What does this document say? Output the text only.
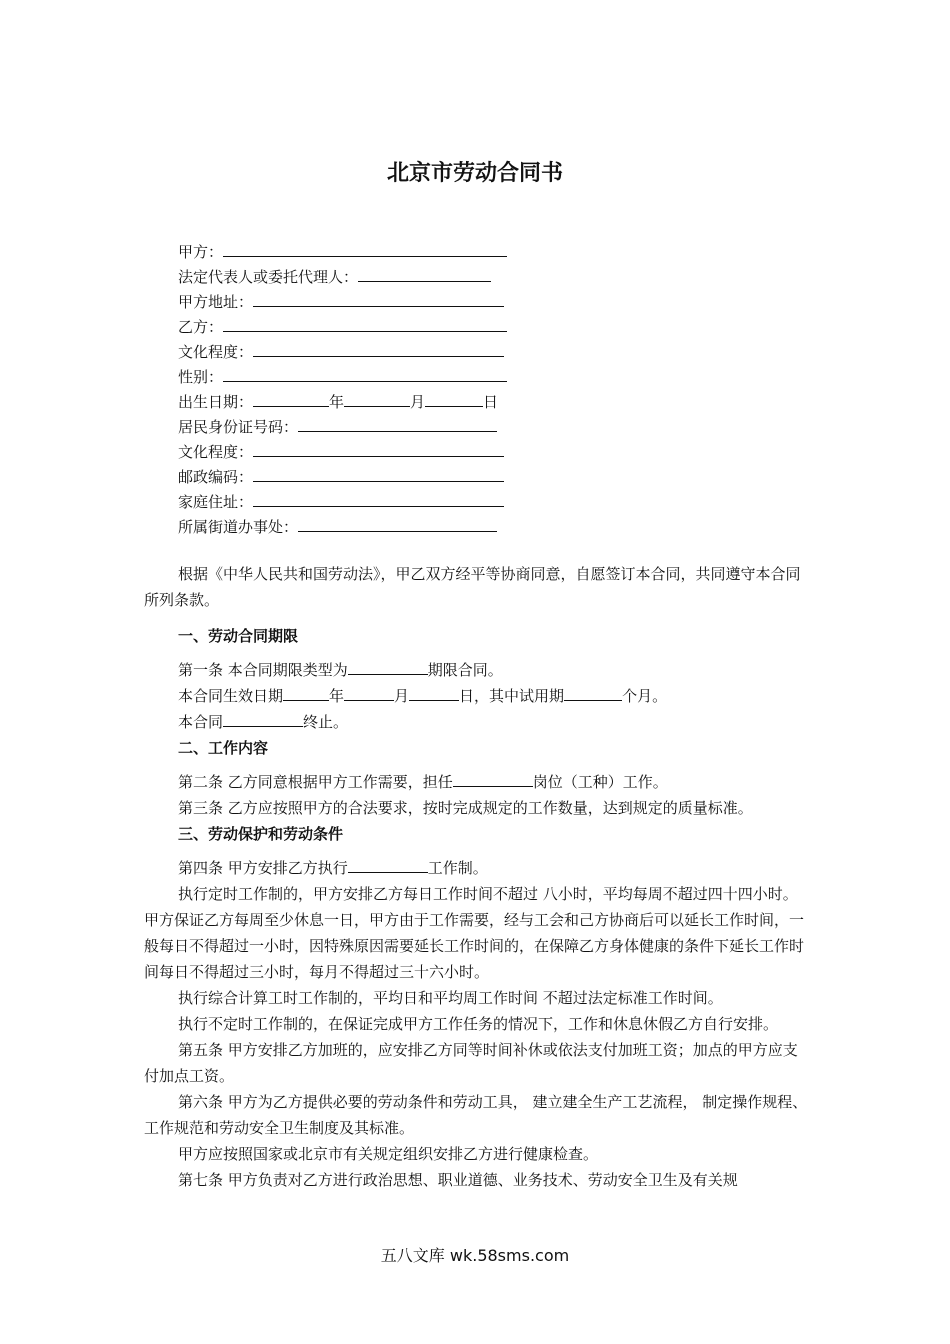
北京市劳动合同书
甲方：
法定代表人或委托代理人：
甲方地址：
乙方：
文化程度：
性别：
出生日期：	年	月	日
居民身份证号码：
文化程度：
邮政编码：
家庭住址：
所属街道办事处：

根据《中华人民共和国劳动法》，甲乙双方经平等协商同意，自愿签订本合同，共同遵守本合同所列条款。

一、劳动合同期限

第一条 本合同期限类型为	期限合同。

本合同生效日期	年	月	日，其中试用期	个月。

本合同	终止。

二、工作内容

第二条 乙方同意根据甲方工作需要，担任	岗位（工种）工作。

第三条 乙方应按照甲方的合法要求，按时完成规定的工作数量，达到规定的质量标准。

三、劳动保护和劳动条件

第四条 甲方安排乙方执行	工作制。

执行定时工作制的，甲方安排乙方每日工作时间不超过 八小时，平均每周不超过四十四小时。甲方保证乙方每周至少休息一日，甲方由于工作需要，经与工会和己方协商后可以延长工作时间，一般每日不得超过一小时，因特殊原因需要延长工作时间的，在保障乙方身体健康的条件下延长工作时间每日不得超过三小时，每月不得超过三十六小时。

执行综合计算工时工作制的，平均日和平均周工作时间 不超过法定标准工作时间。

执行不定时工作制的，在保证完成甲方工作任务的情况下，工作和休息休假乙方自行安排。

第五条 甲方安排乙方加班的，应安排乙方同等时间补休或依法支付加班工资；加点的甲方应支付加点工资。

第六条 甲方为乙方提供必要的劳动条件和劳动工具， 建立建全生产工艺流程， 制定操作规程、工作规范和劳动安全卫生制度及其标准。

甲方应按照国家或北京市有关规定组织安排乙方进行健康检查。

第七条 甲方负责对乙方进行政治思想、职业道德、业务技术、劳动安全卫生及有关规

五八文库 wk.58sms.com
